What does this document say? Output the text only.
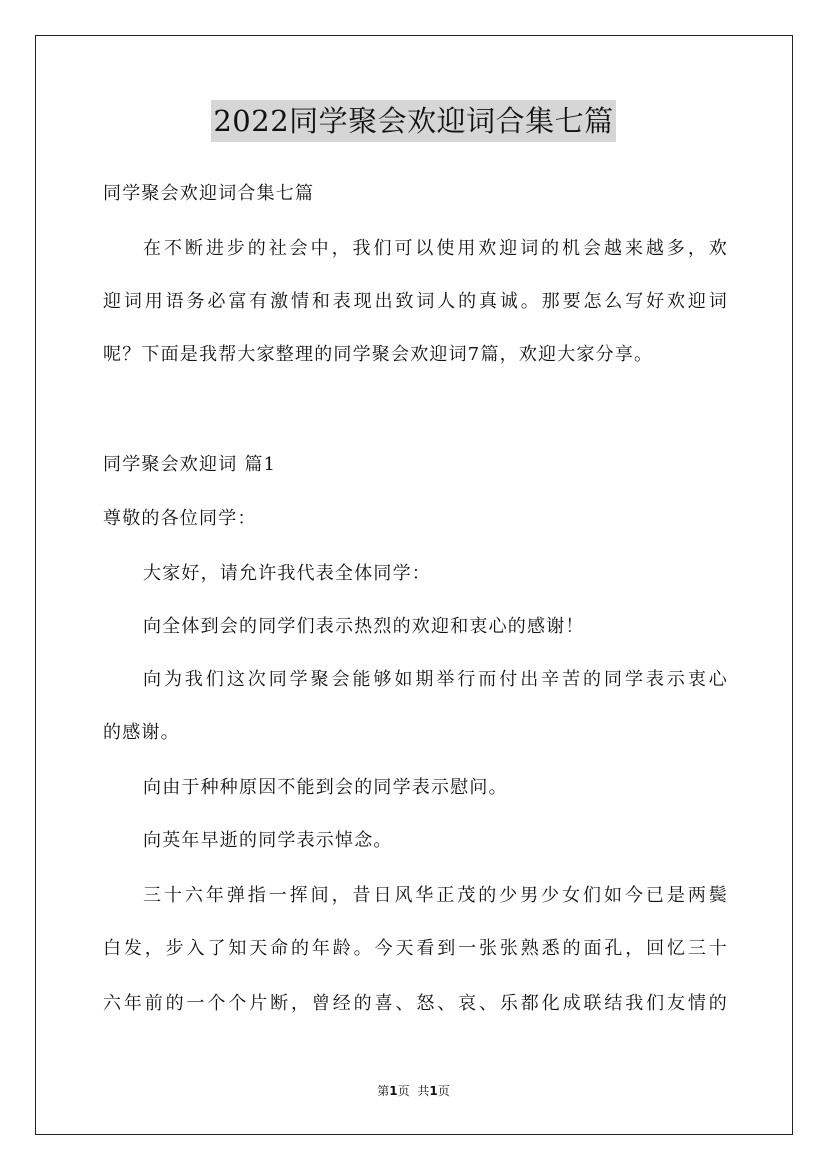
2022同学聚会欢迎词合集七篇
同学聚会欢迎词合集七篇
在不断进步的社会中，我们可以使用欢迎词的机会越来越多，欢
迎词用语务必富有激情和表现出致词人的真诚。那要怎么写好欢迎词
呢？下面是我帮大家整理的同学聚会欢迎词7篇，欢迎大家分享。
同学聚会欢迎词 篇1
尊敬的各位同学：
大家好，请允许我代表全体同学：
向全体到会的同学们表示热烈的欢迎和衷心的感谢！
向为我们这次同学聚会能够如期举行而付出辛苦的同学表示衷心
的感谢。
向由于种种原因不能到会的同学表示慰问。
向英年早逝的同学表示悼念。
三十六年弹指一挥间，昔日风华正茂的少男少女们如今已是两鬓
白发，步入了知天命的年龄。今天看到一张张熟悉的面孔，回忆三十
六年前的一个个片断，曾经的喜、怒、哀、乐都化成联结我们友情的
第1页 共1页
